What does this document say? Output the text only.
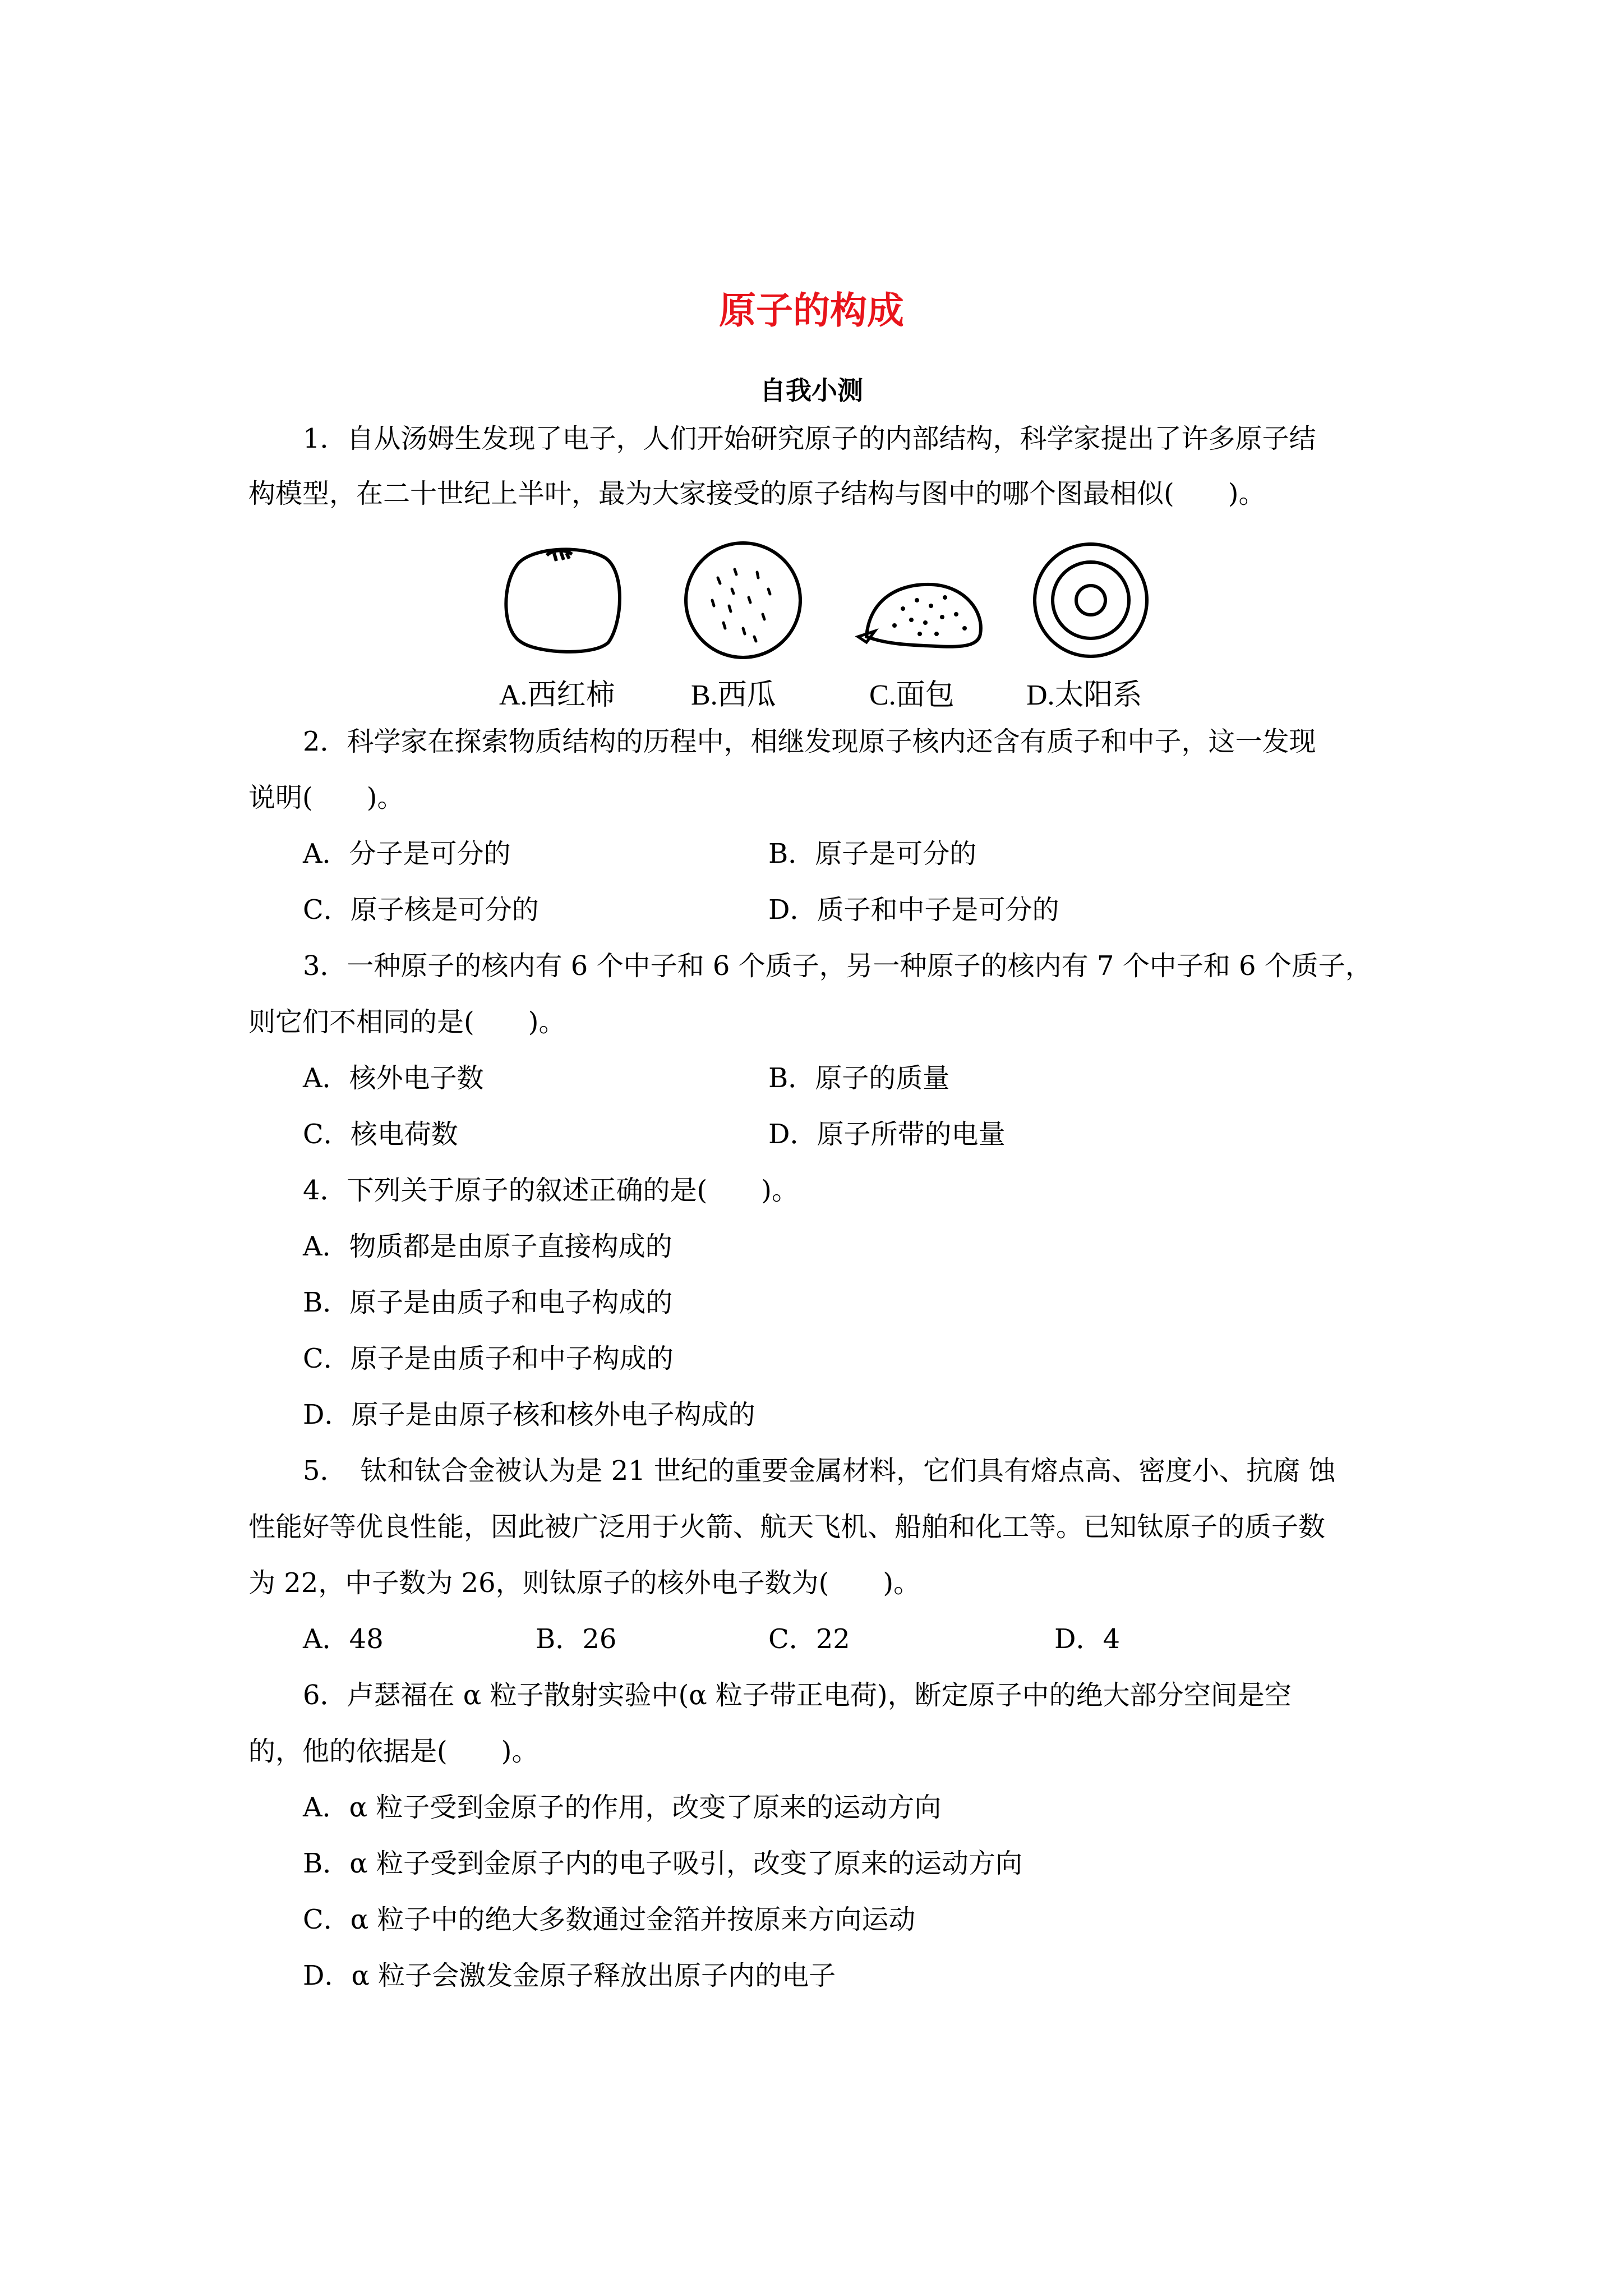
原子的构成
自我小测
1．自从汤姆生发现了电子，人们开始研究原子的内部结构，科学家提出了许多原子结
构模型，在二十世纪上半叶，最为大家接受的原子结构与图中的哪个图最相似(　　)。
A.西红柿	B.西瓜	C.面包 D.太阳系
2．科学家在探索物质结构的历程中，相继发现原子核内还含有质子和中子，这一发现
说明(　　)。
A．分子是可分的	B．原子是可分的
C．原子核是可分的	D．质子和中子是可分的
3．一种原子的核内有 6 个中子和 6 个质子，另一种原子的核内有 7 个中子和 6 个质子，
则它们不相同的是(　　)。
A．核外电子数	B．原子的质量
C．核电荷数	D．原子所带的电量
4．下列关于原子的叙述正确的是(　　)。
A．物质都是由原子直接构成的
B．原子是由质子和电子构成的
C．原子是由质子和中子构成的
D．原子是由原子核和核外电子构成的
5．　钛和钛合金被认为是 21 世纪的重要金属材料，它们具有熔点高、密度小、抗腐 蚀
性能好等优良性能，因此被广泛用于火箭、航天飞机、船舶和化工等。已知钛原子的质子数
为 22，中子数为 26，则钛原子的核外电子数为(　　)。
A．48	B．26	C．22	D．4
6．卢瑟福在 α 粒子散射实验中(α 粒子带正电荷)，断定原子中的绝大部分空间是空
的，他的依据是(　　)。
A．α 粒子受到金原子的作用，改变了原来的运动方向
B．α 粒子受到金原子内的电子吸引，改变了原来的运动方向
C．α 粒子中的绝大多数通过金箔并按原来方向运动
D．α 粒子会激发金原子释放出原子内的电子
